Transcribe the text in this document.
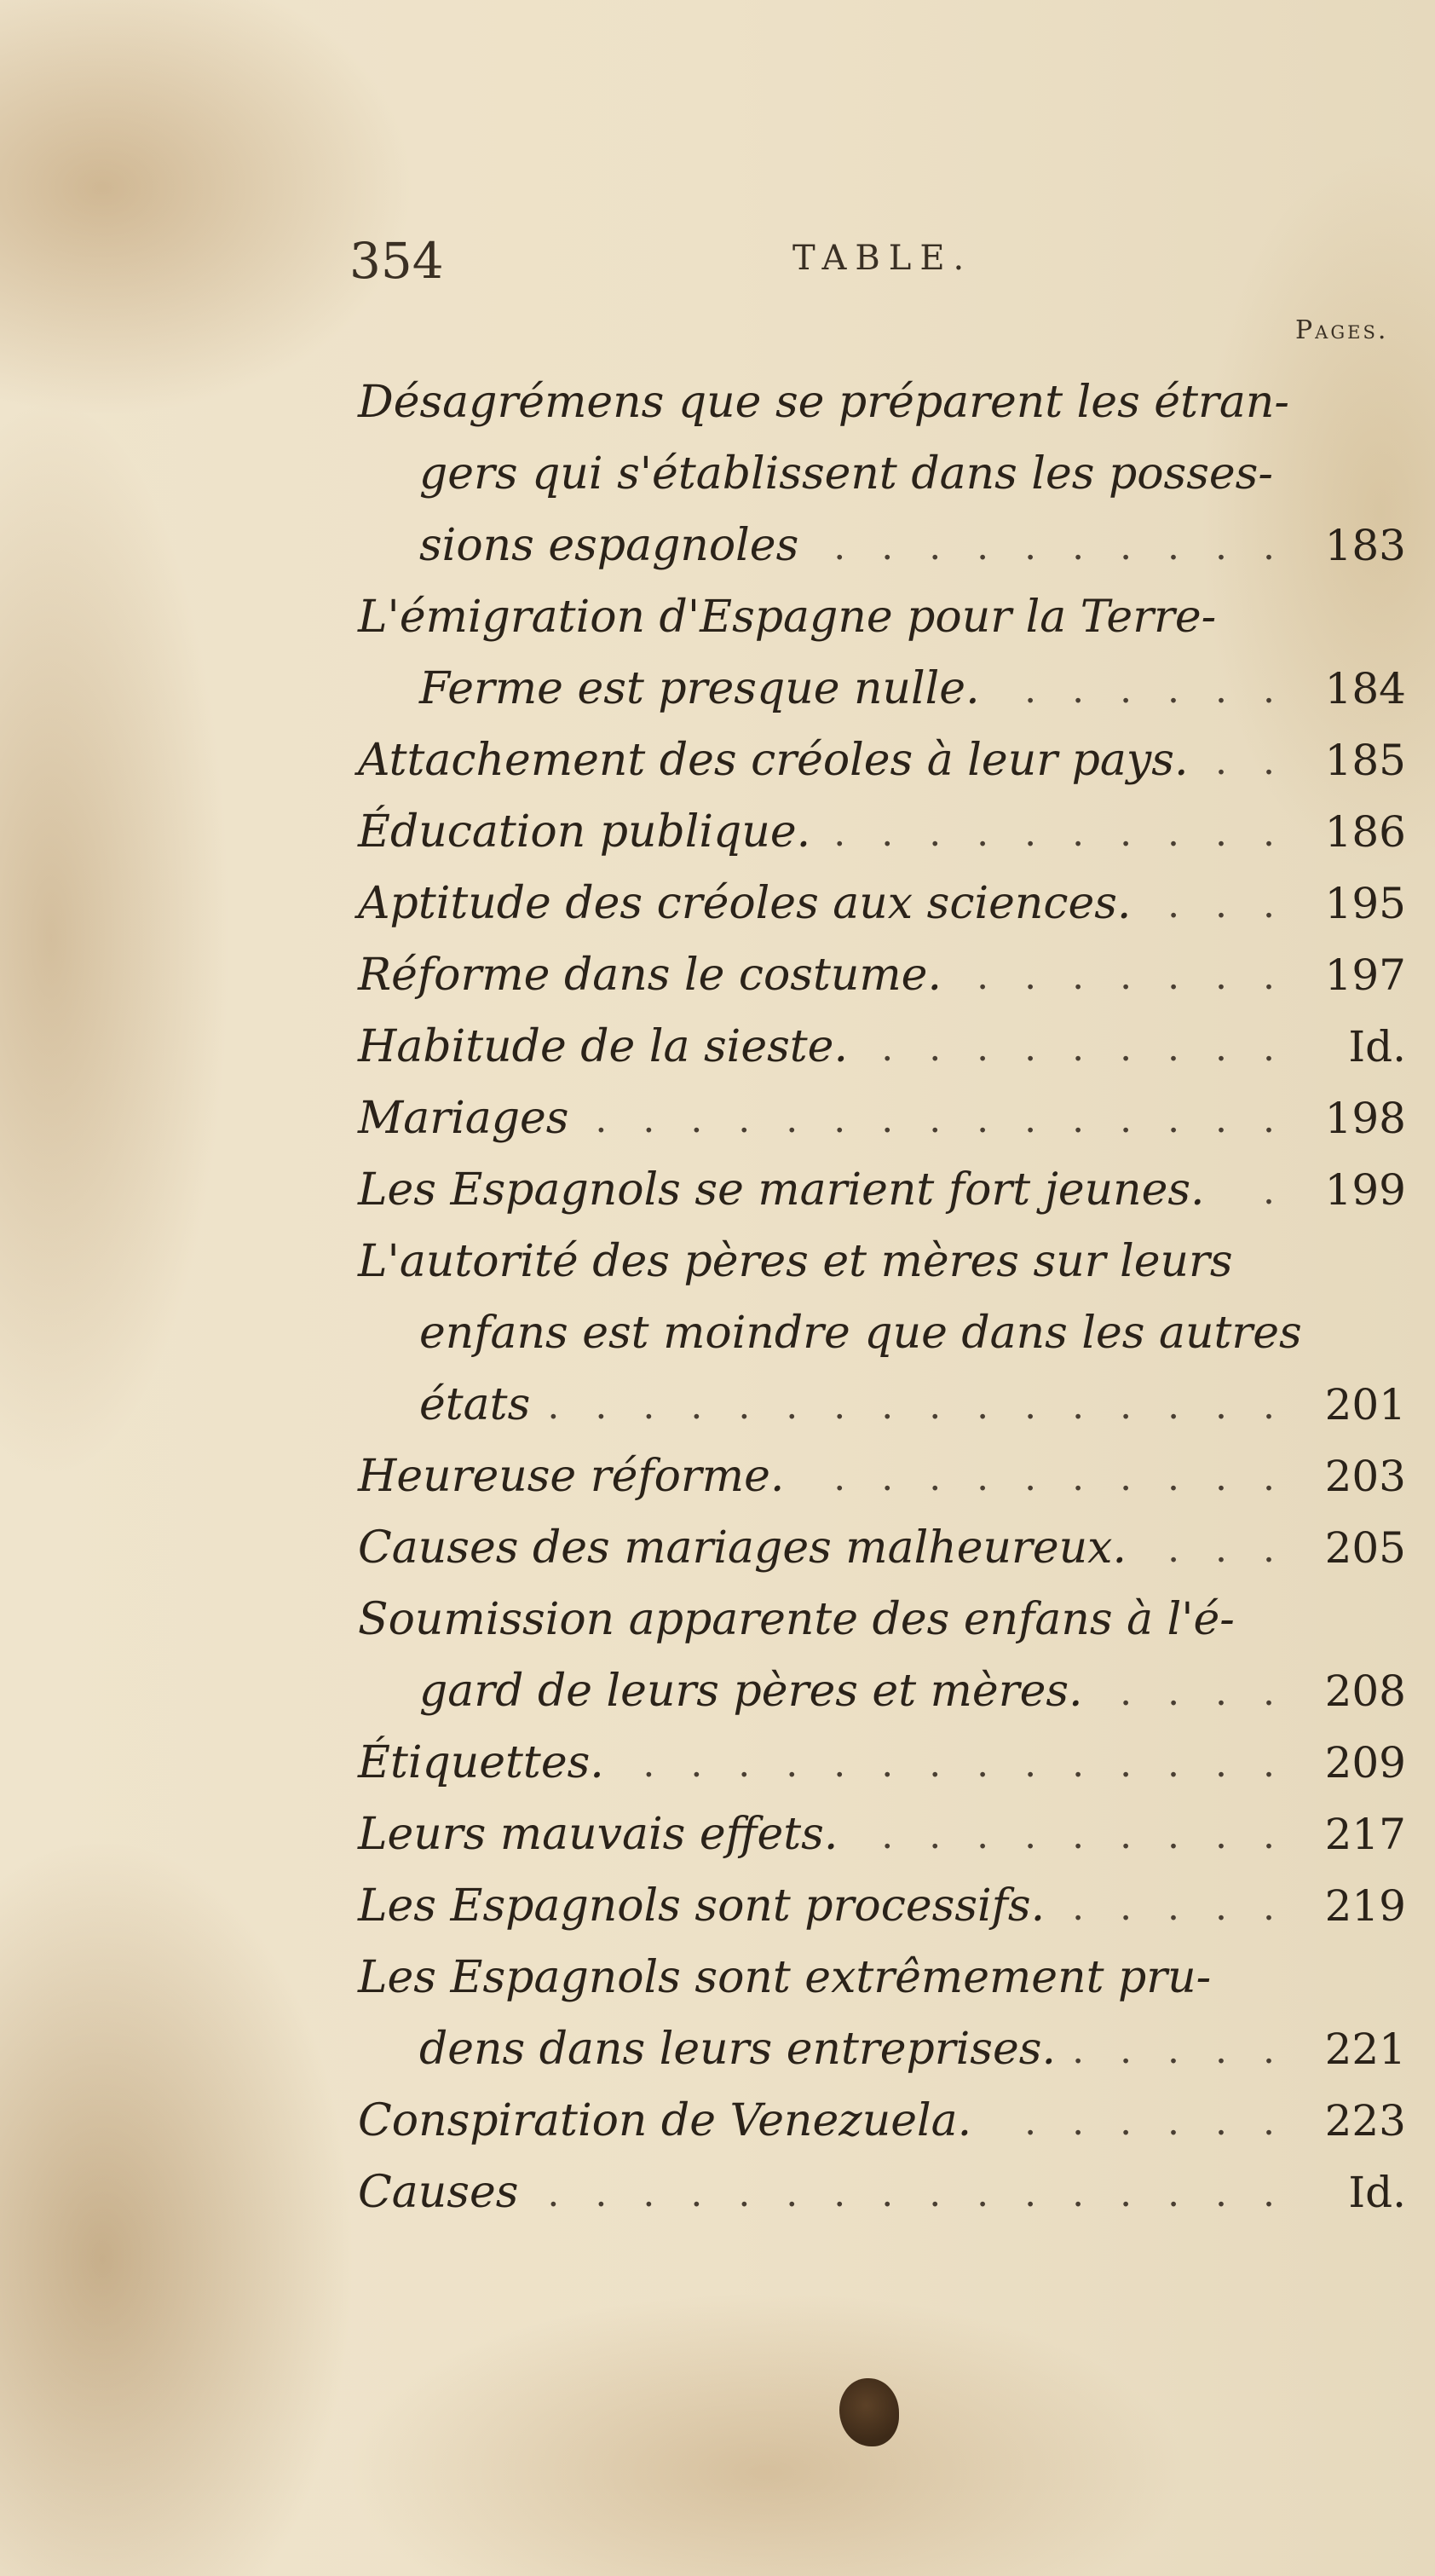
354	TABLE.
Pages.
Désagrémens que se préparent les étran-
gers qui s'établissent dans les posses-
sions espagnoles . . . . . . . . . . 183
L'émigration d'Espagne pour la Terre-
Ferme est presque nulle. . . . . . . 184
Attachement des créoles à leur pays. . . 185
Éducation publique. . . . . . . . . . . 186
Aptitude des créoles aux sciences. . . . 195
Réforme dans le costume. . . . . . . . 197
Habitude de la sieste. . . . . . . . . .	Id.
Mariages . . . . . . . . . . . . . . . 198
Les Espagnols se marient fort jeunes. . 199
L'autorité des pères et mères sur leurs
enfans est moindre que dans les autres
états . . . . . . . . . . . . . . . . 201
Heureuse réforme. . . . . . . . . . . 203
Causes des mariages malheureux. . . . 205
Soumission apparente des enfans à l'é-
gard de leurs pères et mères. . . . . 208
Étiquettes. . . . . . . . . . . . . . . 209
Leurs mauvais effets. . . . . . . . . . 217
Les Espagnols sont processifs. . . . . . 219
Les Espagnols sont extrêmement pru-
dens dans leurs entreprises. . . . . . 221
Conspiration de Venezuela. . . . . . . 223
Causes . . . . . . . . . . . . . . . .	Id.
